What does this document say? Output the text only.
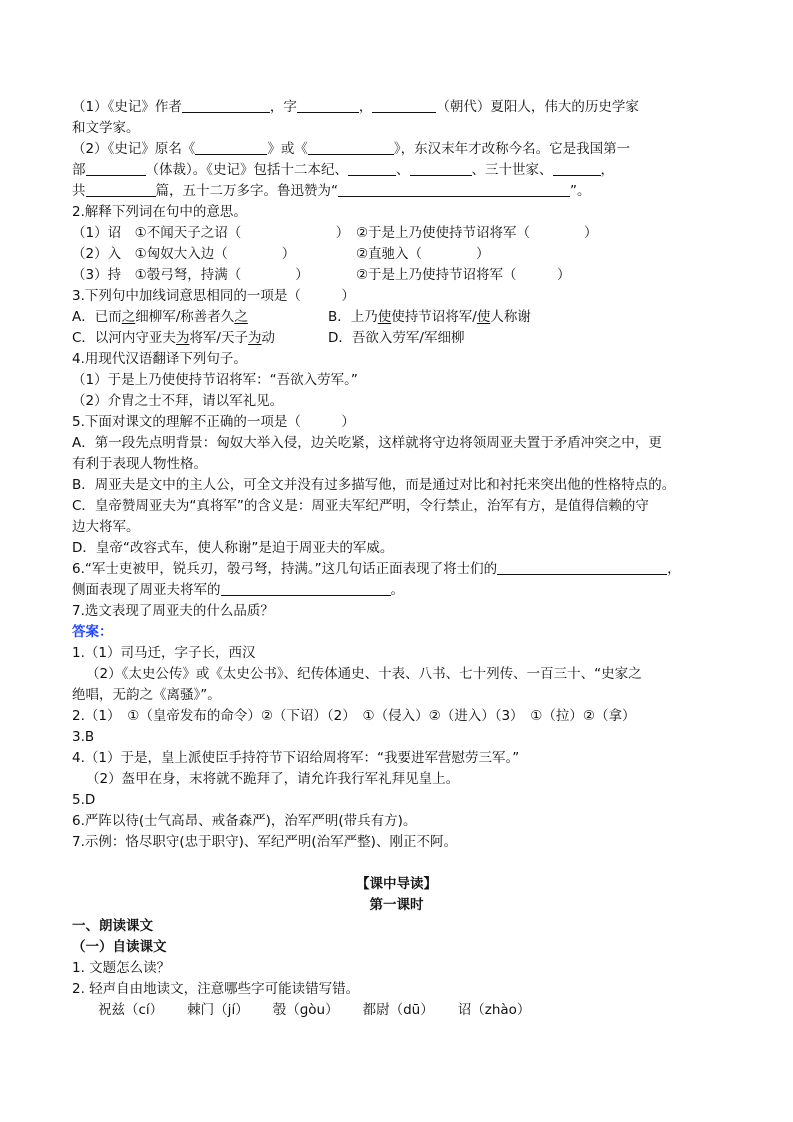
（1）《史记》作者	，字	，	（朝代）夏阳人，伟大的历史学家
和文学家。
（2）《史记》原名《	》或《	》，东汉末年才改称今名。它是我国第一
部	（体裁）。《史记》包括十二本纪、	、	、三十世家、	，
共	篇，五十二万多字。鲁迅赞为“	”。
2.解释下列词在句中的意思。
（1）诏　①不闻天子之诏（　　　　　　　）　②于是上乃使使持节诏将军（　　　　）
（2）入　①匈奴大入边（　　　　）　　　　　②直驰入（　　　　）
（3）持　①彀弓弩，持满（　　　　）　　　　②于是上乃使持节诏将军（　　　）
3.下列句中加线词意思相同的一项是（　　　）
A．已而之细柳军/称善者久之	B．上乃使使持节诏将军/使人称谢
C．以河内守亚夫为将军/天子为动	D．吾欲入劳军/军细柳
4.用现代汉语翻译下列句子。
（1）于是上乃使使持节诏将军：“吾欲入劳军。”
（2）介胄之士不拜，请以军礼见。
5.下面对课文的理解不正确的一项是（　　　）
A．第一段先点明背景：匈奴大举入侵，边关吃紧，这样就将守边将领周亚夫置于矛盾冲突之中，更
有利于表现人物性格。
B．周亚夫是文中的主人公，可全文并没有过多描写他，而是通过对比和衬托来突出他的性格特点的。
C．皇帝赞周亚夫为“真将军”的含义是：周亚夫军纪严明，令行禁止，治军有方，是值得信赖的守
边大将军。
D．皇帝“改容式车，使人称谢”是迫于周亚夫的军威。
6.“军士吏被甲，锐兵刃，彀弓弩，持满。”这几句话正面表现了将士们的	，
侧面表现了周亚夫将军的	。
7.选文表现了周亚夫的什么品质？
答案：
1.（1）司马迁，字子长，西汉
（2）《太史公传》或《太史公书》、纪传体通史、十表、八书、七十列传、一百三十、“史家之
绝唱，无韵之《离骚》”。
2.（1）　①（皇帝发布的命令）②（下诏）（2）　①（侵入）②（进入）（3）　①（拉）②（拿）
3.B
4.（1）于是，皇上派使臣手持符节下诏给周将军：“我要进军营慰劳三军。”
（2）盔甲在身，末将就不跪拜了，请允许我行军礼拜见皇上。
5.D
6.严阵以待(士气高昂、戒备森严)，治军严明(带兵有方)。
7.示例：恪尽职守(忠于职守)、军纪严明(治军严整)、刚正不阿。
【课中导读】
第一课时
一、朗读课文
（一）自读课文
1. 文题怎么读？
2. 轻声自由地读文，注意哪些字可能读错写错。
祝兹（cí） 棘门（jí） 彀（ɡòu） 都尉（dū） 诏（zhào）
